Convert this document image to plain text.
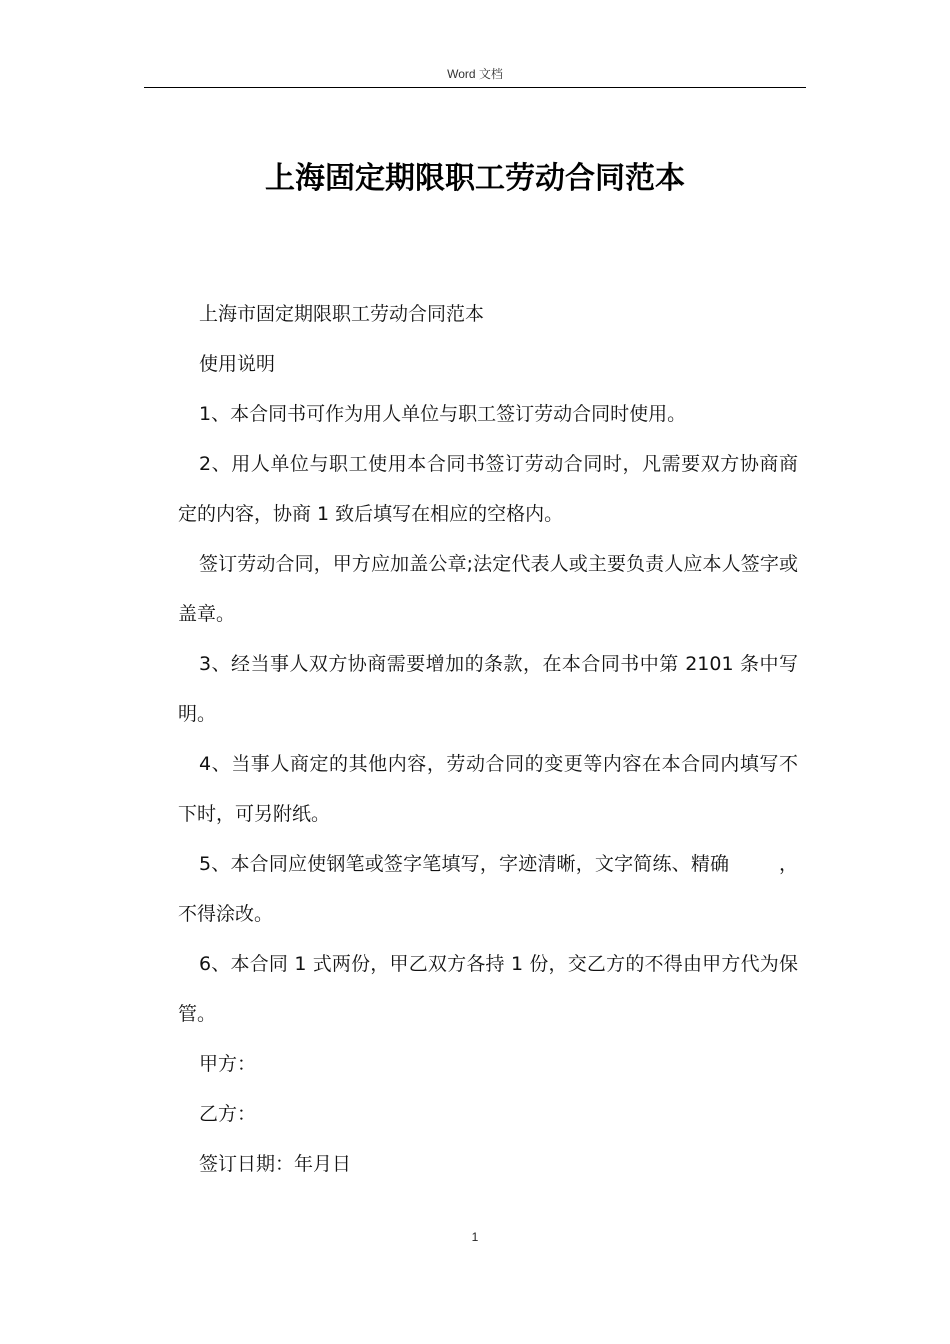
Word 文档
上海固定期限职工劳动合同范本

上海市固定期限职工劳动合同范本

使用说明

1、本合同书可作为用人单位与职工签订劳动合同时使用。

2、用人单位与职工使用本合同书签订劳动合同时，凡需要双方协商商定的内容，协商 1 致后填写在相应的空格内。

签订劳动合同，甲方应加盖公章;法定代表人或主要负责人应本人签字或盖章。

3、经当事人双方协商需要增加的条款，在本合同书中第 2101 条中写明。

4、当事人商定的其他内容，劳动合同的变更等内容在本合同内填写不下时，可另附纸。

5、本合同应使钢笔或签字笔填写，字迹清晰，文字简练、精确        ，不得涂改。

6、本合同 1 式两份，甲乙双方各持 1 份，交乙方的不得由甲方代为保管。

甲方：

乙方：

签订日期：年月日

1
